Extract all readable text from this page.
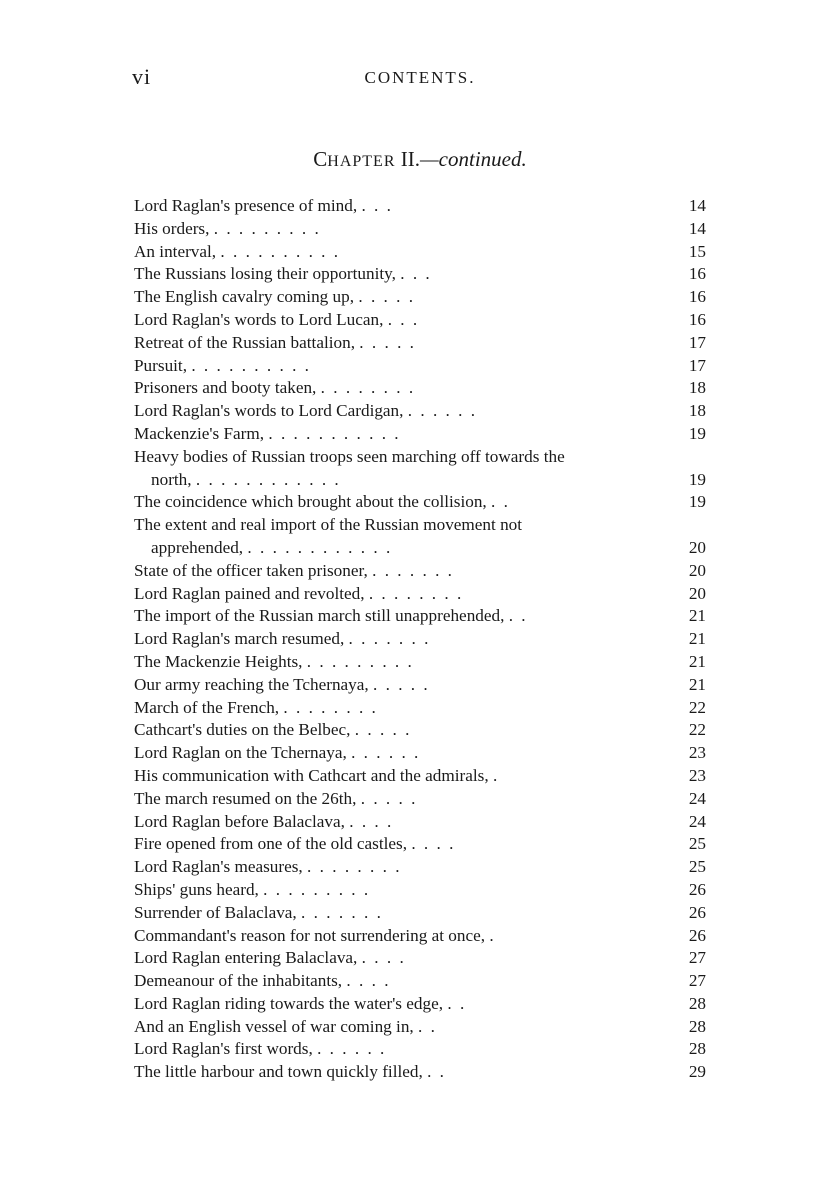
vi	CONTENTS.
CHAPTER II.—continued.
Lord Raglan's presence of mind, . . .	14
His orders, . . . . . . . . .	14
An interval, . . . . . . . . . .	15
The Russians losing their opportunity, . . .	16
The English cavalry coming up, . . . . .	16
Lord Raglan's words to Lord Lucan, . . .	16
Retreat of the Russian battalion, . . . . .	17
Pursuit, . . . . . . . . . .	17
Prisoners and booty taken, . . . . . . . .	18
Lord Raglan's words to Lord Cardigan, . . . . . .	18
Mackenzie's Farm, . . . . . . . . . . .	19
Heavy bodies of Russian troops seen marching off towards the
north, . . . . . . . . . . . .	19
The coincidence which brought about the collision, . .	19
The extent and real import of the Russian movement not
apprehended, . . . . . . . . . . . .	20
State of the officer taken prisoner, . . . . . . .	20
Lord Raglan pained and revolted, . . . . . . . .	20
The import of the Russian march still unapprehended, . .	21
Lord Raglan's march resumed, . . . . . . .	21
The Mackenzie Heights, . . . . . . . . .	21
Our army reaching the Tchernaya, . . . . .	21
March of the French, . . . . . . . .	22
Cathcart's duties on the Belbec, . . . . .	22
Lord Raglan on the Tchernaya, . . . . . .	23
His communication with Cathcart and the admirals, .	23
The march resumed on the 26th, . . . . .	24
Lord Raglan before Balaclava, . . . .	24
Fire opened from one of the old castles, . . . .	25
Lord Raglan's measures, . . . . . . . .	25
Ships' guns heard, . . . . . . . . .	26
Surrender of Balaclava, . . . . . . .	26
Commandant's reason for not surrendering at once, .	26
Lord Raglan entering Balaclava, . . . .	27
Demeanour of the inhabitants, . . . .	27
Lord Raglan riding towards the water's edge, . .	28
And an English vessel of war coming in, . .	28
Lord Raglan's first words, . . . . . .	28
The little harbour and town quickly filled, . .	29
